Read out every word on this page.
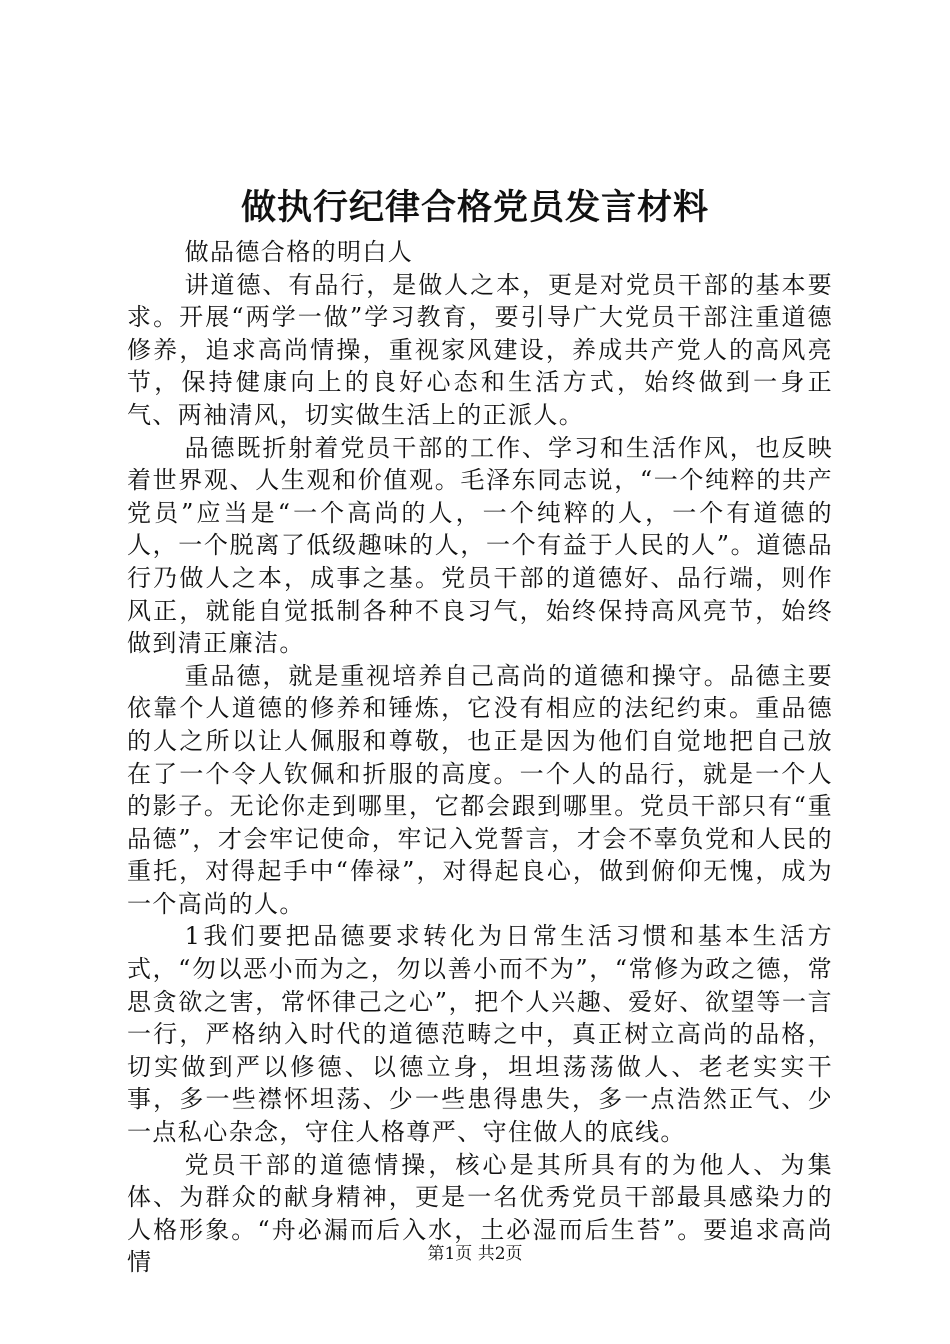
做执行纪律合格党员发言材料

做品德合格的明白人

讲道德、有品行，是做人之本，更是对党员干部的基本要求。开展“两学一做”学习教育，要引导广大党员干部注重道德修养，追求高尚情操，重视家风建设，养成共产党人的高风亮节，保持健康向上的良好心态和生活方式，始终做到一身正气、两袖清风，切实做生活上的正派人。

品德既折射着党员干部的工作、学习和生活作风，也反映着世界观、人生观和价值观。毛泽东同志说，“一个纯粹的共产党员”应当是“一个高尚的人，一个纯粹的人，一个有道德的人，一个脱离了低级趣味的人，一个有益于人民的人”。道德品行乃做人之本，成事之基。党员干部的道德好、品行端，则作风正，就能自觉抵制各种不良习气，始终保持高风亮节，始终做到清正廉洁。

重品德，就是重视培养自己高尚的道德和操守。品德主要依靠个人道德的修养和锤炼，它没有相应的法纪约束。重品德的人之所以让人佩服和尊敬，也正是因为他们自觉地把自己放在了一个令人钦佩和折服的高度。一个人的品行，就是一个人的影子。无论你走到哪里，它都会跟到哪里。党员干部只有“重品德”，才会牢记使命，牢记入党誓言，才会不辜负党和人民的重托，对得起手中“俸禄”，对得起良心，做到俯仰无愧，成为一个高尚的人。

1我们要把品德要求转化为日常生活习惯和基本生活方式，“勿以恶小而为之，勿以善小而不为”，“常修为政之德，常思贪欲之害，常怀律己之心”，把个人兴趣、爱好、欲望等一言一行，严格纳入时代的道德范畴之中，真正树立高尚的品格，切实做到严以修德、以德立身，坦坦荡荡做人、老老实实干事，多一些襟怀坦荡、少一些患得患失，多一点浩然正气、少一点私心杂念，守住人格尊严、守住做人的底线。

党员干部的道德情操，核心是其所具有的为他人、为集体、为群众的献身精神，更是一名优秀党员干部最具感染力的人格形象。“舟必漏而后入水，土必湿而后生苔”。要追求高尚情	第1页 共2页
